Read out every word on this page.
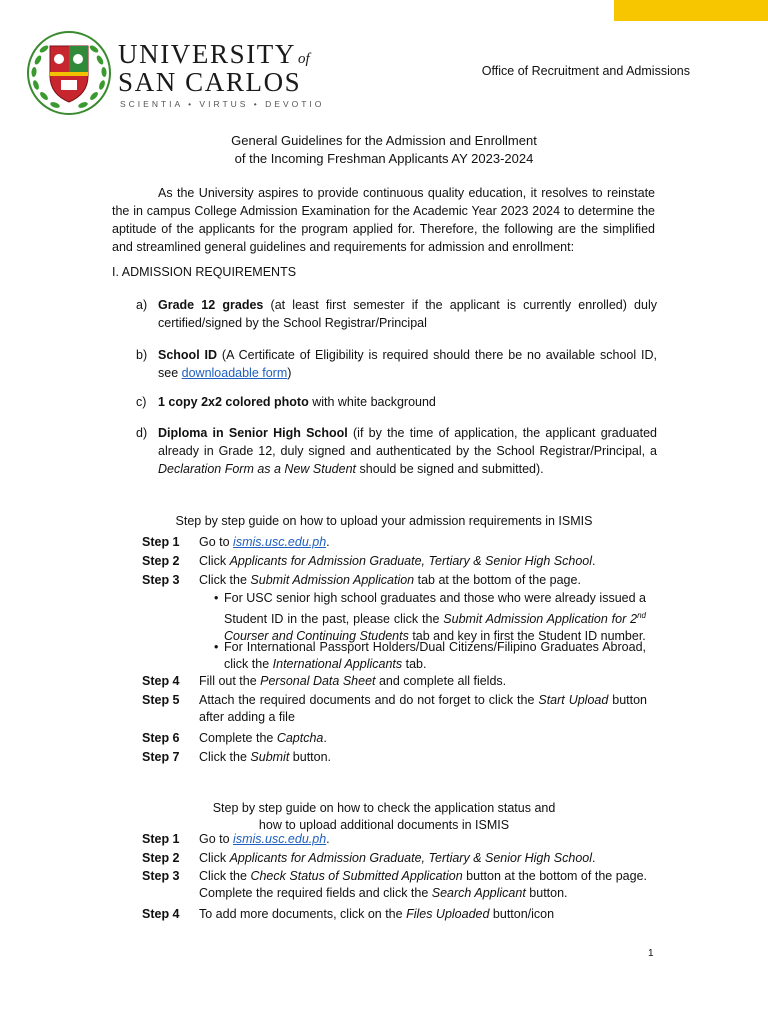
UNIVERSITY of
SAN CARLOS
SCIENTIA • VIRTUS • DEVOTIO
Office of Recruitment and Admissions
General Guidelines for the Admission and Enrollment
of the Incoming Freshman Applicants AY 2023-2024

As the University aspires to provide continuous quality education, it resolves to reinstate the in campus College Admission Examination for the Academic Year 2023 2024 to determine the aptitude of the applicants for the program applied for. Therefore, the following are the simplified and streamlined general guidelines and requirements for admission and enrollment:

I. ADMISSION REQUIREMENTS
a) Grade 12 grades (at least first semester if the applicant is currently enrolled) duly certified/signed by the School Registrar/Principal
b) School ID (A Certificate of Eligibility is required should there be no available school ID, see downloadable form)
c) 1 copy 2x2 colored photo with white background
d) Diploma in Senior High School (if by the time of application, the applicant graduated already in Grade 12, duly signed and authenticated by the School Registrar/Principal, a Declaration Form as a New Student should be signed and submitted).
Step by step guide on how to upload your admission requirements in ISMIS
Step 1 Go to ismis.usc.edu.ph.
Step 2 Click Applicants for Admission Graduate, Tertiary & Senior High School.
Step 3 Click the Submit Admission Application tab at the bottom of the page.
• For USC senior high school graduates and those who were already issued a Student ID in the past, please click the Submit Admission Application for 2nd Courser and Continuing Students tab and key in first the Student ID number.
• For International Passport Holders/Dual Citizens/Filipino Graduates Abroad, click the International Applicants tab.
Step 4 Fill out the Personal Data Sheet and complete all fields.
Step 5 Attach the required documents and do not forget to click the Start Upload button after adding a file
Step 6 Complete the Captcha.
Step 7 Click the Submit button.
Step by step guide on how to check the application status and
how to upload additional documents in ISMIS
Step 1 Go to ismis.usc.edu.ph.
Step 2 Click Applicants for Admission Graduate, Tertiary & Senior High School.
Step 3 Click the Check Status of Submitted Application button at the bottom of the page. Complete the required fields and click the Search Applicant button.
Step 4 To add more documents, click on the Files Uploaded button/icon
1
